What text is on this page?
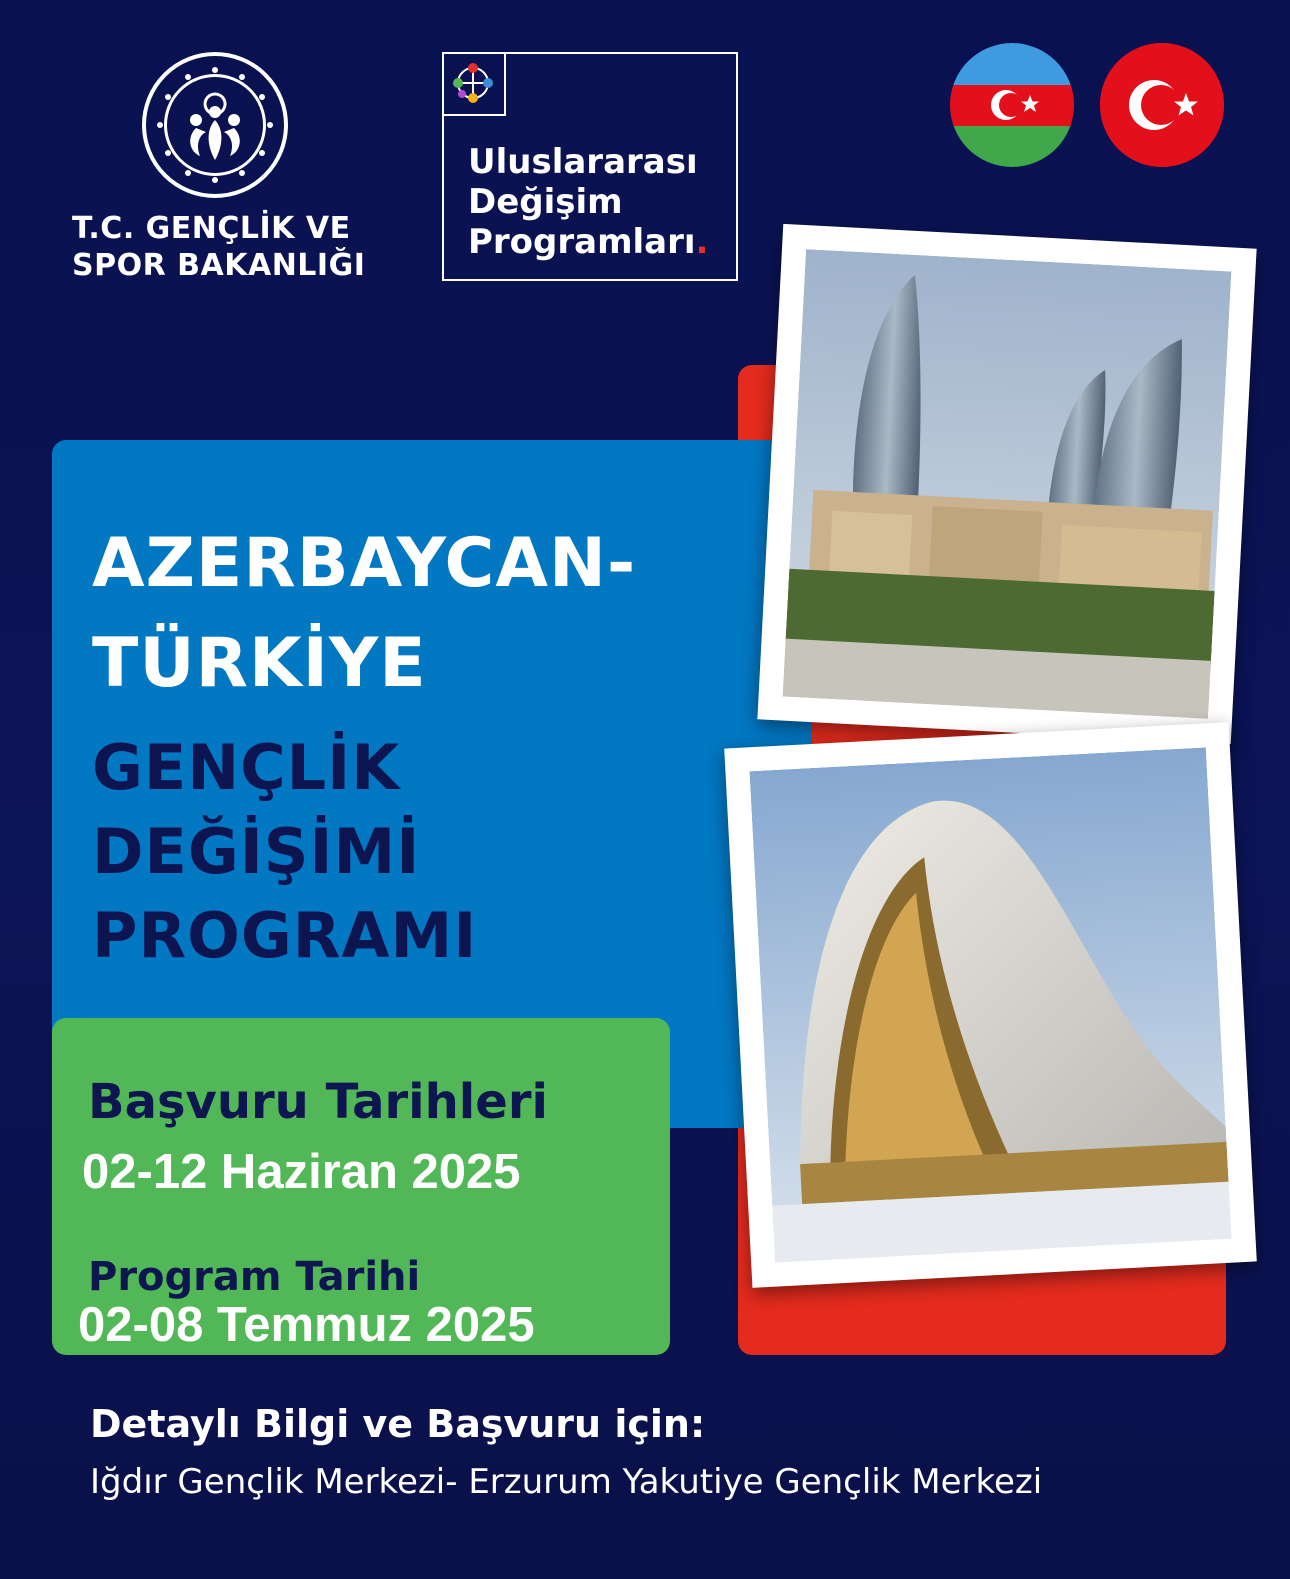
T.C. GENÇLİK VE
SPOR BAKANLIĞI
Uluslararası
Değişim
Programları.
AZERBAYCAN-
TÜRKİYE
GENÇLİK
DEĞİŞİMİ
PROGRAMI
Başvuru Tarihleri
02-12 Haziran 2025
Program Tarihi
02-08 Temmuz 2025
Detaylı Bilgi ve Başvuru için:
Iğdır Gençlik Merkezi- Erzurum Yakutiye Gençlik Merkezi
